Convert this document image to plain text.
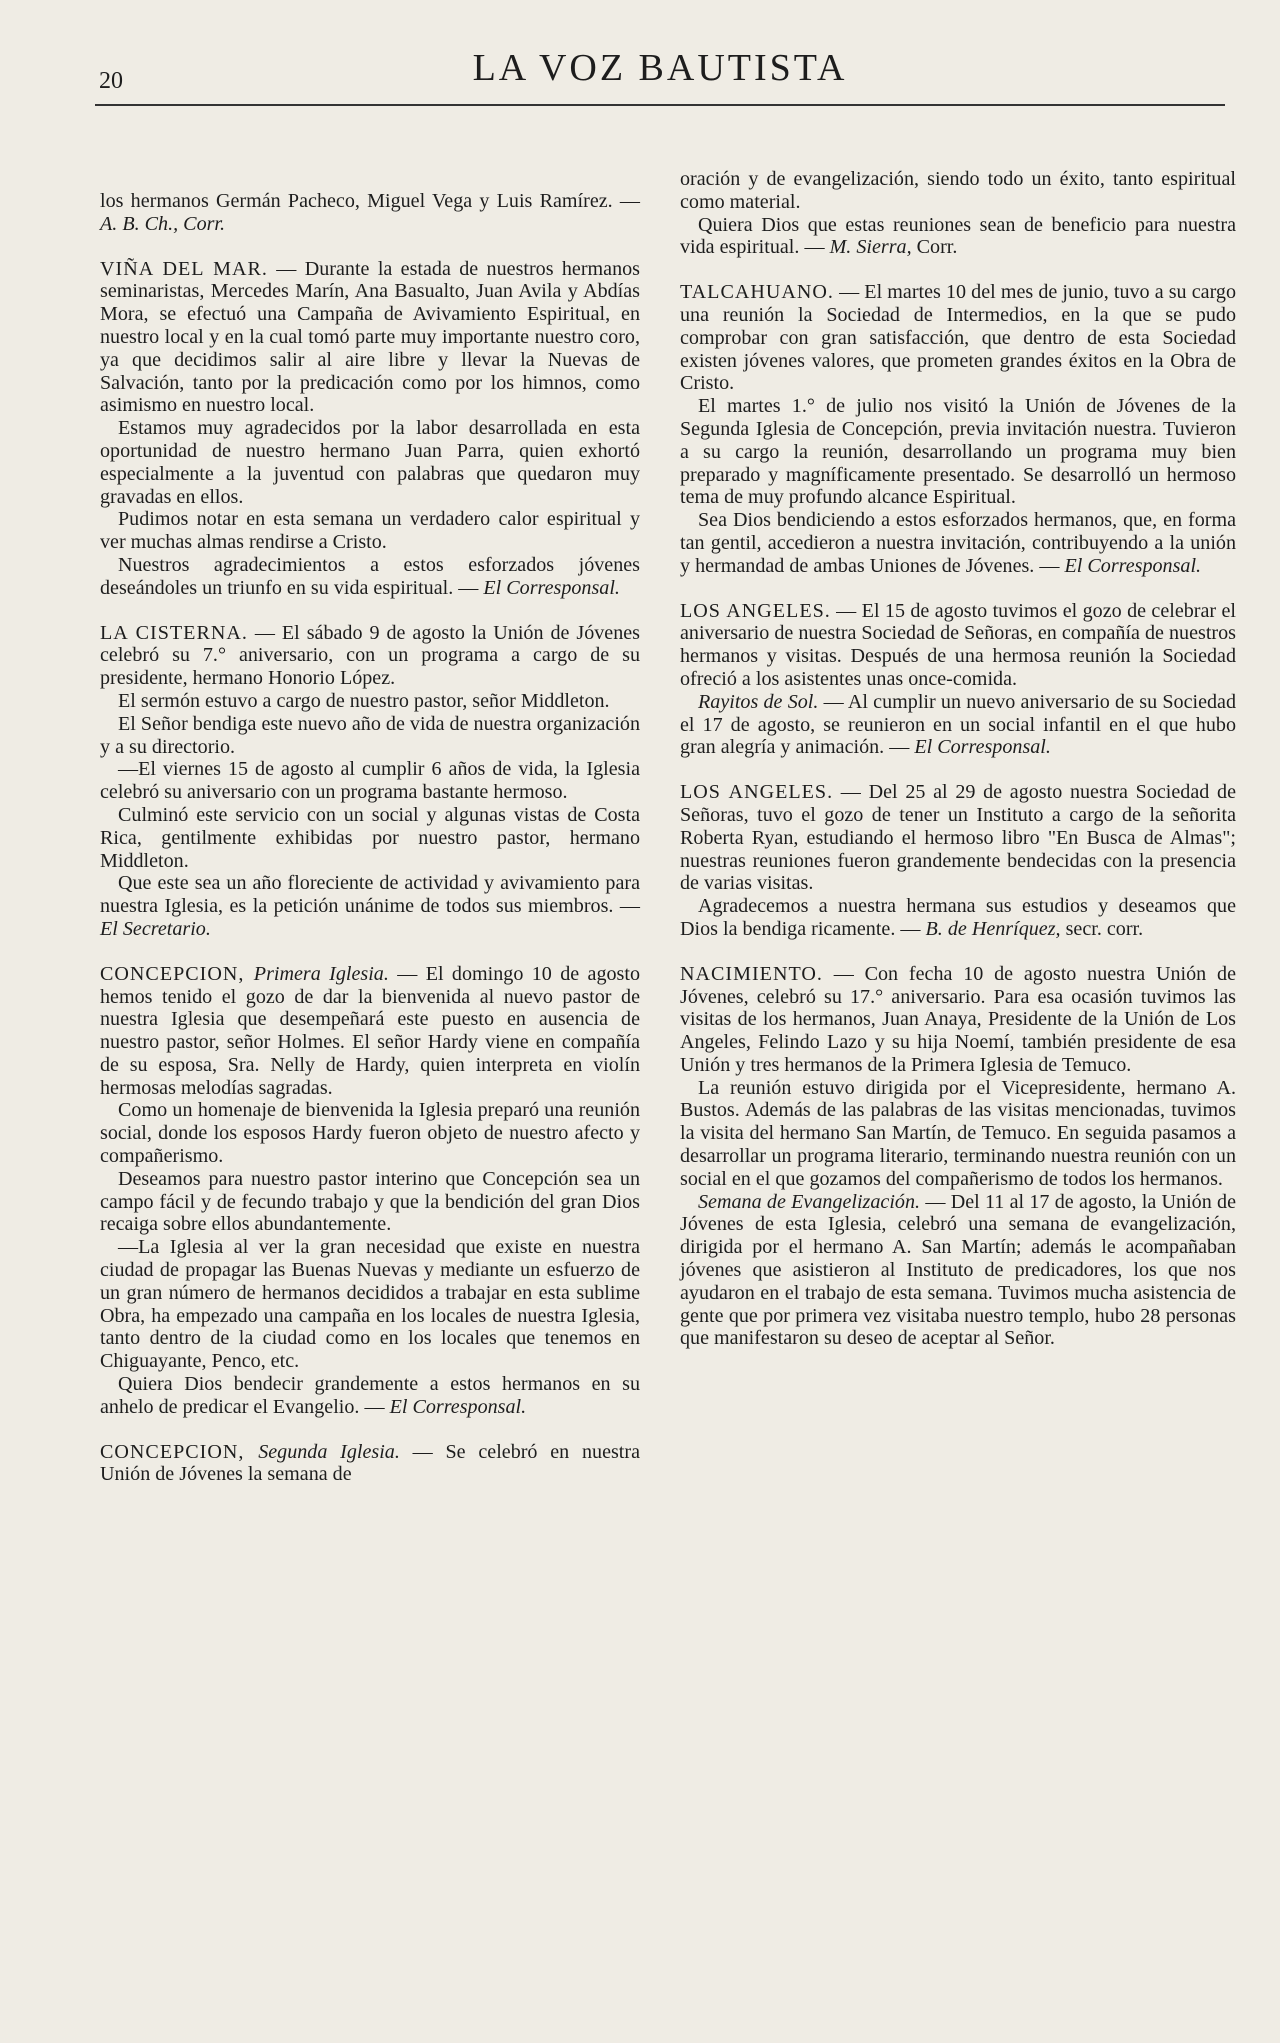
20	LA VOZ BAUTISTA

los hermanos Germán Pacheco, Miguel Vega y Luis Ramírez. — A. B. Ch., Corr.

VIÑA DEL MAR. — Durante la estada de nuestros hermanos seminaristas, Mercedes Marín, Ana Basualto, Juan Avila y Abdías Mora, se efectuó una Campaña de Avivamiento Espiritual, en nuestro local y en la cual tomó parte muy importante nuestro coro, ya que decidimos salir al aire libre y llevar la Nuevas de Salvación, tanto por la predicación como por los himnos, como asimismo en nuestro local.

Estamos muy agradecidos por la labor desarrollada en esta oportunidad de nuestro hermano Juan Parra, quien exhortó especialmente a la juventud con palabras que quedaron muy gravadas en ellos.

Pudimos notar en esta semana un verdadero calor espiritual y ver muchas almas rendirse a Cristo.

Nuestros agradecimientos a estos esforzados jóvenes deseándoles un triunfo en su vida espiritual. — El Corresponsal.

LA CISTERNA. — El sábado 9 de agosto la Unión de Jóvenes celebró su 7.° aniversario, con un programa a cargo de su presidente, hermano Honorio López.

El sermón estuvo a cargo de nuestro pastor, señor Middleton.

El Señor bendiga este nuevo año de vida de nuestra organización y a su directorio.

—El viernes 15 de agosto al cumplir 6 años de vida, la Iglesia celebró su aniversario con un programa bastante hermoso.

Culminó este servicio con un social y algunas vistas de Costa Rica, gentilmente exhibidas por nuestro pastor, hermano Middleton.

Que este sea un año floreciente de actividad y avivamiento para nuestra Iglesia, es la petición unánime de todos sus miembros. — El Secretario.

CONCEPCION, Primera Iglesia. — El domingo 10 de agosto hemos tenido el gozo de dar la bienvenida al nuevo pastor de nuestra Iglesia que desempeñará este puesto en ausencia de nuestro pastor, señor Holmes. El señor Hardy viene en compañía de su esposa, Sra. Nelly de Hardy, quien interpreta en violín hermosas melodías sagradas.

Como un homenaje de bienvenida la Iglesia preparó una reunión social, donde los esposos Hardy fueron objeto de nuestro afecto y compañerismo.

Deseamos para nuestro pastor interino que Concepción sea un campo fácil y de fecundo trabajo y que la bendición del gran Dios recaiga sobre ellos abundantemente.

—La Iglesia al ver la gran necesidad que existe en nuestra ciudad de propagar las Buenas Nuevas y mediante un esfuerzo de un gran número de hermanos decididos a trabajar en esta sublime Obra, ha empezado una campaña en los locales de nuestra Iglesia, tanto dentro de la ciudad como en los locales que tenemos en Chiguayante, Penco, etc.

Quiera Dios bendecir grandemente a estos hermanos en su anhelo de predicar el Evangelio. — El Corresponsal.

CONCEPCION, Segunda Iglesia. — Se celebró en nuestra Unión de Jóvenes la semana de

oración y de evangelización, siendo todo un éxito, tanto espiritual como material.

Quiera Dios que estas reuniones sean de beneficio para nuestra vida espiritual. — M. Sierra, Corr.

TALCAHUANO. — El martes 10 del mes de junio, tuvo a su cargo una reunión la Sociedad de Intermedios, en la que se pudo comprobar con gran satisfacción, que dentro de esta Sociedad existen jóvenes valores, que prometen grandes éxitos en la Obra de Cristo.

El martes 1.° de julio nos visitó la Unión de Jóvenes de la Segunda Iglesia de Concepción, previa invitación nuestra. Tuvieron a su cargo la reunión, desarrollando un programa muy bien preparado y magníficamente presentado. Se desarrolló un hermoso tema de muy profundo alcance Espiritual.

Sea Dios bendiciendo a estos esforzados hermanos, que, en forma tan gentil, accedieron a nuestra invitación, contribuyendo a la unión y hermandad de ambas Uniones de Jóvenes. — El Corresponsal.

LOS ANGELES. — El 15 de agosto tuvimos el gozo de celebrar el aniversario de nuestra Sociedad de Señoras, en compañía de nuestros hermanos y visitas. Después de una hermosa reunión la Sociedad ofreció a los asistentes unas once-comida.

Rayitos de Sol. — Al cumplir un nuevo aniversario de su Sociedad el 17 de agosto, se reunieron en un social infantil en el que hubo gran alegría y animación. — El Corresponsal.

LOS ANGELES. — Del 25 al 29 de agosto nuestra Sociedad de Señoras, tuvo el gozo de tener un Instituto a cargo de la señorita Roberta Ryan, estudiando el hermoso libro "En Busca de Almas"; nuestras reuniones fueron grandemente bendecidas con la presencia de varias visitas.

Agradecemos a nuestra hermana sus estudios y deseamos que Dios la bendiga ricamente. — B. de Henríquez, secr. corr.

NACIMIENTO. — Con fecha 10 de agosto nuestra Unión de Jóvenes, celebró su 17.° aniversario. Para esa ocasión tuvimos las visitas de los hermanos, Juan Anaya, Presidente de la Unión de Los Angeles, Felindo Lazo y su hija Noemí, también presidente de esa Unión y tres hermanos de la Primera Iglesia de Temuco.

La reunión estuvo dirigida por el Vicepresidente, hermano A. Bustos. Además de las palabras de las visitas mencionadas, tuvimos la visita del hermano San Martín, de Temuco. En seguida pasamos a desarrollar un programa literario, terminando nuestra reunión con un social en el que gozamos del compañerismo de todos los hermanos.

Semana de Evangelización. — Del 11 al 17 de agosto, la Unión de Jóvenes de esta Iglesia, celebró una semana de evangelización, dirigida por el hermano A. San Martín; además le acompañaban jóvenes que asistieron al Instituto de predicadores, los que nos ayudaron en el trabajo de esta semana. Tuvimos mucha asistencia de gente que por primera vez visitaba nuestro templo, hubo 28 personas que manifestaron su deseo de aceptar al Señor.
